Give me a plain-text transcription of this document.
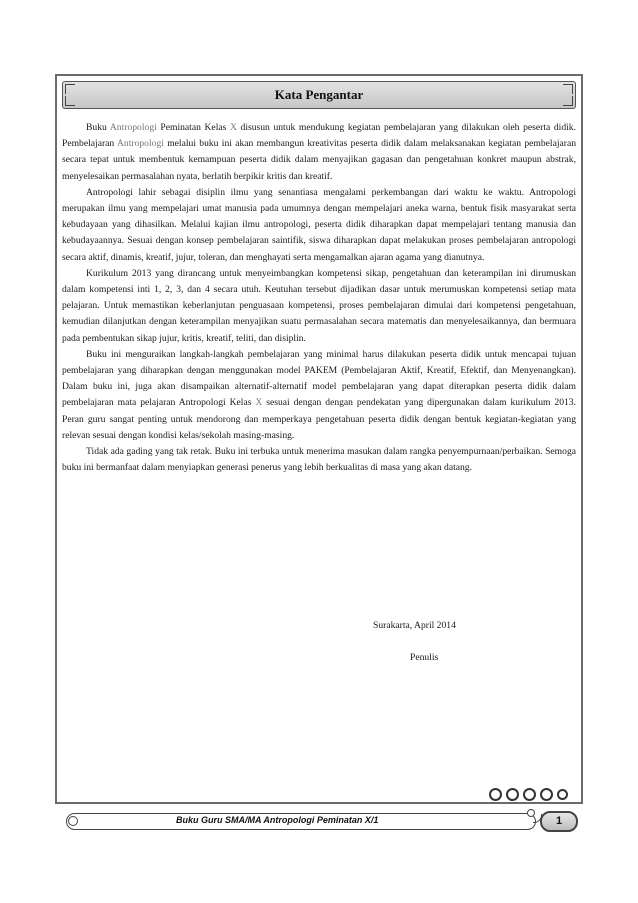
Kata Pengantar

Buku Antropologi Peminatan Kelas X disusun untuk mendukung kegiatan pembelajaran yang dilakukan oleh peserta didik. Pembelajaran Antropologi melalui buku ini akan membangun kreativitas peserta didik dalam melaksanakan kegiatan pembelajaran secara tepat untuk membentuk kemampuan peserta didik dalam menyajikan gagasan dan pengetahuan konkret maupun abstrak, menyelesaikan permasalahan nyata, berlatih berpikir kritis dan kreatif.

Antropologi lahir sebagai disiplin ilmu yang senantiasa mengalami perkembangan dari waktu ke waktu. Antropologi merupakan ilmu yang mempelajari umat manusia pada umumnya dengan mempelajari aneka warna, bentuk fisik masyarakat serta kebudayaan yang dihasilkan. Melalui kajian ilmu antropologi, peserta didik diharapkan dapat mempelajari tentang manusia dan kebudayaannya. Sesuai dengan konsep pembelajaran saintifik, siswa diharapkan dapat melakukan proses pembelajaran antropologi secara aktif, dinamis, kreatif, jujur, toleran, dan menghayati serta mengamalkan ajaran agama yang dianutnya.

Kurikulum 2013 yang dirancang untuk menyeimbangkan kompetensi sikap, pengetahuan dan keterampilan ini dirumuskan dalam kompetensi inti 1, 2, 3, dan 4 secara utuh. Keutuhan tersebut dijadikan dasar untuk merumuskan kompetensi setiap mata pelajaran. Untuk memastikan keberlanjutan penguasaan kompetensi, proses pembelajaran dimulai dari kompetensi pengetahuan, kemudian dilanjutkan dengan keterampilan menyajikan suatu permasalahan secara matematis dan menyelesaikannya, dan bermuara pada pembentukan sikap jujur, kritis, kreatif, teliti, dan disiplin.

Buku ini menguraikan langkah-langkah pembelajaran yang minimal harus dilakukan peserta didik untuk mencapai tujuan pembelajaran yang diharapkan dengan menggunakan model PAKEM (Pembelajaran Aktif, Kreatif, Efektif, dan Menyenangkan). Dalam buku ini, juga akan disampaikan alternatif-alternatif model pembelajaran yang dapat diterapkan peserta didik dalam pembelajaran mata pelajaran Antropologi Kelas X sesuai dengan dengan pendekatan yang dipergunakan dalam kurikulum 2013. Peran guru sangat penting untuk mendorong dan memperkaya pengetahuan peserta didik dengan bentuk kegiatan-kegiatan yang relevan sesuai dengan kondisi kelas/sekolah masing-masing.

Tidak ada gading yang tak retak. Buku ini terbuka untuk menerima masukan dalam rangka penyempurnaan/perbaikan. Semoga buku ini bermanfaat dalam menyiapkan generasi penerus yang lebih berkualitas di masa yang akan datang.

Surakarta, April 2014
Penulis
Buku Guru SMA/MA Antropologi Peminatan X/1	1
